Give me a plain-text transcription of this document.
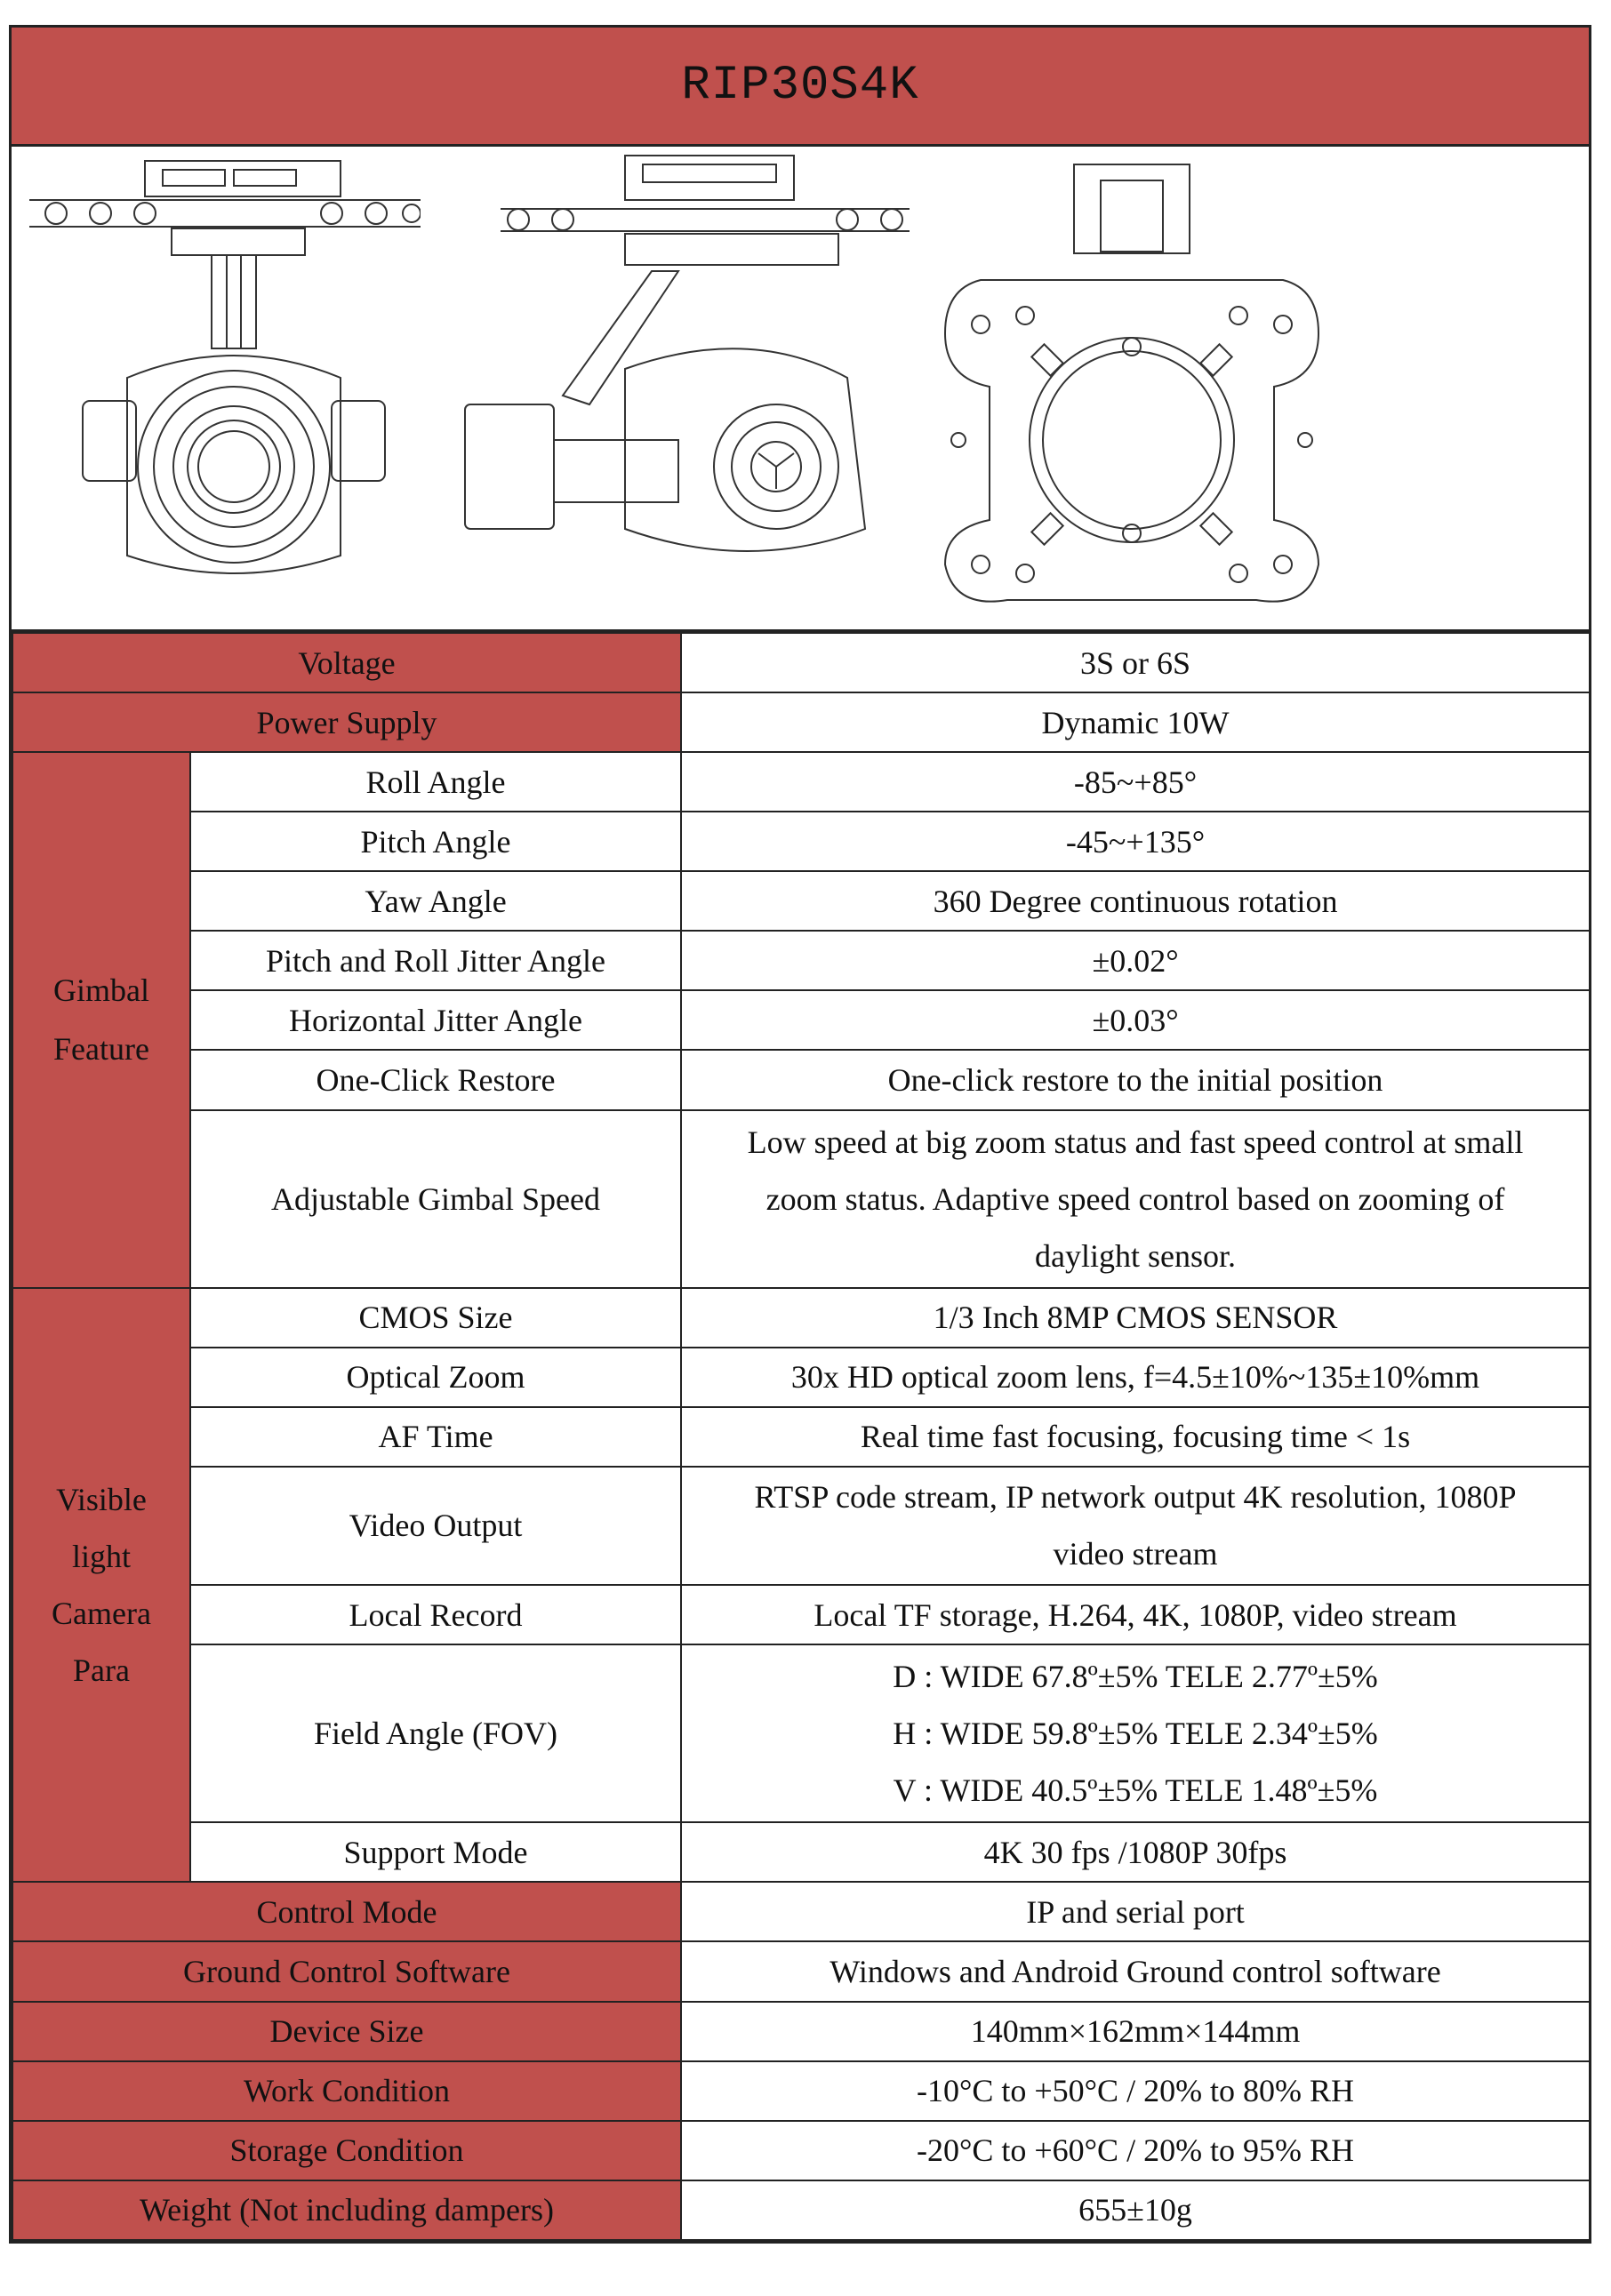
RIP30S4K
Voltage		3S or 6S
Power Supply		Dynamic 10W
Gimbal Feature	Roll Angle	-85~+85°
	Pitch Angle	-45~+135°
	Yaw Angle	360 Degree continuous rotation
	Pitch and Roll Jitter Angle	±0.02°
	Horizontal Jitter Angle	±0.03°
	One-Click Restore	One-click restore to the initial position
	Adjustable Gimbal Speed	Low speed at big zoom status and fast speed control at small zoom status. Adaptive speed control based on zooming of daylight sensor.
Visible light Camera Para	CMOS Size	1/3 Inch 8MP CMOS SENSOR
	Optical Zoom	30x HD optical zoom lens, f=4.5±10%~135±10%mm
	AF Time	Real time fast focusing, focusing time < 1s
	Video Output	RTSP code stream, IP network output 4K resolution, 1080P video stream
	Local Record	Local TF storage, H.264, 4K, 1080P, video stream
	Field Angle (FOV)	D : WIDE 67.8º±5% TELE 2.77º±5%
H : WIDE 59.8º±5% TELE 2.34º±5%
V : WIDE 40.5º±5% TELE 1.48º±5%

	Support Mode	4K 30 fps /1080P 30fps
Control Mode		IP and serial port
Ground Control Software		Windows and Android Ground control software
Device Size		140mm×162mm×144mm
Work Condition		-10°C to +50°C / 20% to 80% RH
Storage Condition		-20°C to +60°C / 20% to 95% RH
Weight (Not including dampers)		655±10g
